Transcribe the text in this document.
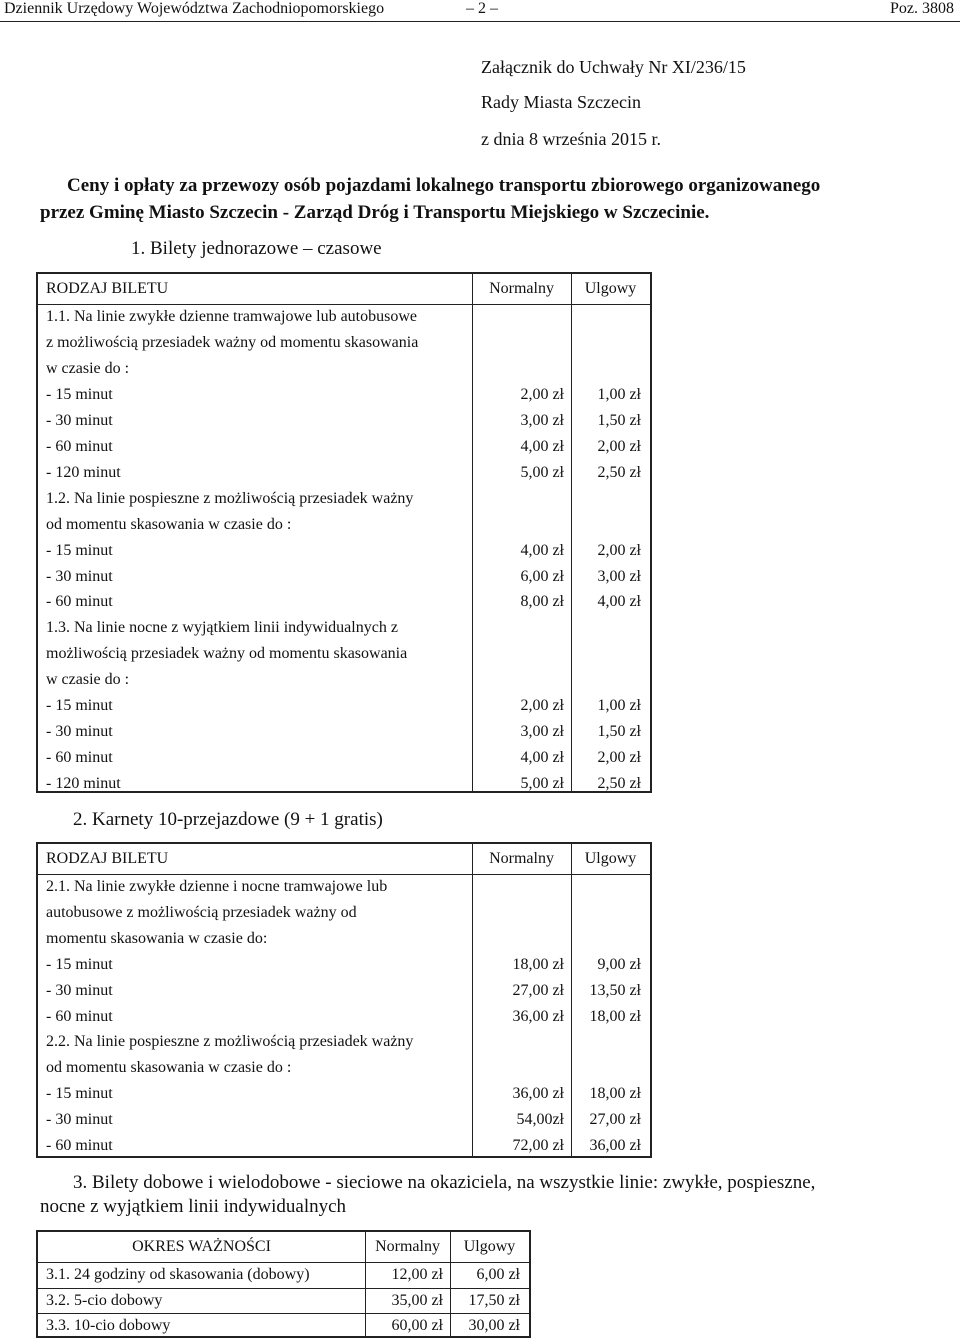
Dziennik Urzędowy Województwa Zachodniopomorskiego	– 2 –	Poz. 3808
Załącznik do Uchwały Nr XI/236/15
Rady Miasta Szczecin
z dnia 8 września 2015 r.
Ceny i opłaty za przewozy osób pojazdami lokalnego transportu zbiorowego organizowanego
przez Gminę Miasto Szczecin - Zarząd Dróg i Transportu Miejskiego w Szczecinie.
1. Bilety jednorazowe – czasowe
RODZAJ BILETU	Normalny	Ulgowy
1.1. Na linie zwykłe dzienne tramwajowe lub autobusowe
z możliwością przesiadek ważny od momentu skasowania
w czasie do :
- 15 minut	2,00 zł	1,00 zł
- 30 minut	3,00 zł	1,50 zł
- 60 minut	4,00 zł	2,00 zł
- 120 minut	5,00 zł	2,50 zł
1.2. Na linie pospieszne z możliwością przesiadek ważny
od momentu skasowania w czasie do :
- 15 minut	4,00 zł	2,00 zł
- 30 minut	6,00 zł	3,00 zł
- 60 minut	8,00 zł	4,00 zł
1.3. Na linie nocne z wyjątkiem linii indywidualnych z
możliwością przesiadek ważny od momentu skasowania
w czasie do :
- 15 minut	2,00 zł	1,00 zł
- 30 minut	3,00 zł	1,50 zł
- 60 minut	4,00 zł	2,00 zł
- 120 minut	5,00 zł	2,50 zł
2. Karnety 10-przejazdowe (9 + 1 gratis)
RODZAJ BILETU	Normalny	Ulgowy
2.1. Na linie zwykłe dzienne i nocne tramwajowe lub
autobusowe z możliwością przesiadek ważny od
momentu skasowania w czasie do:
- 15 minut	18,00 zł	9,00 zł
- 30 minut	27,00 zł	13,50 zł
- 60 minut	36,00 zł	18,00 zł
2.2. Na linie pospieszne z możliwością przesiadek ważny
od momentu skasowania w czasie do :
- 15 minut	36,00 zł	18,00 zł
- 30 minut	54,00zł	27,00 zł
- 60 minut	72,00 zł	36,00 zł
3. Bilety dobowe i wielodobowe - sieciowe na okaziciela, na wszystkie linie: zwykłe, pospieszne,
nocne z wyjątkiem linii indywidualnych
OKRES WAŻNOŚCI	Normalny	Ulgowy
3.1. 24 godziny od skasowania (dobowy)	12,00 zł	6,00 zł
3.2. 5-cio dobowy	35,00 zł	17,50 zł
3.3. 10-cio dobowy	60,00 zł	30,00 zł
